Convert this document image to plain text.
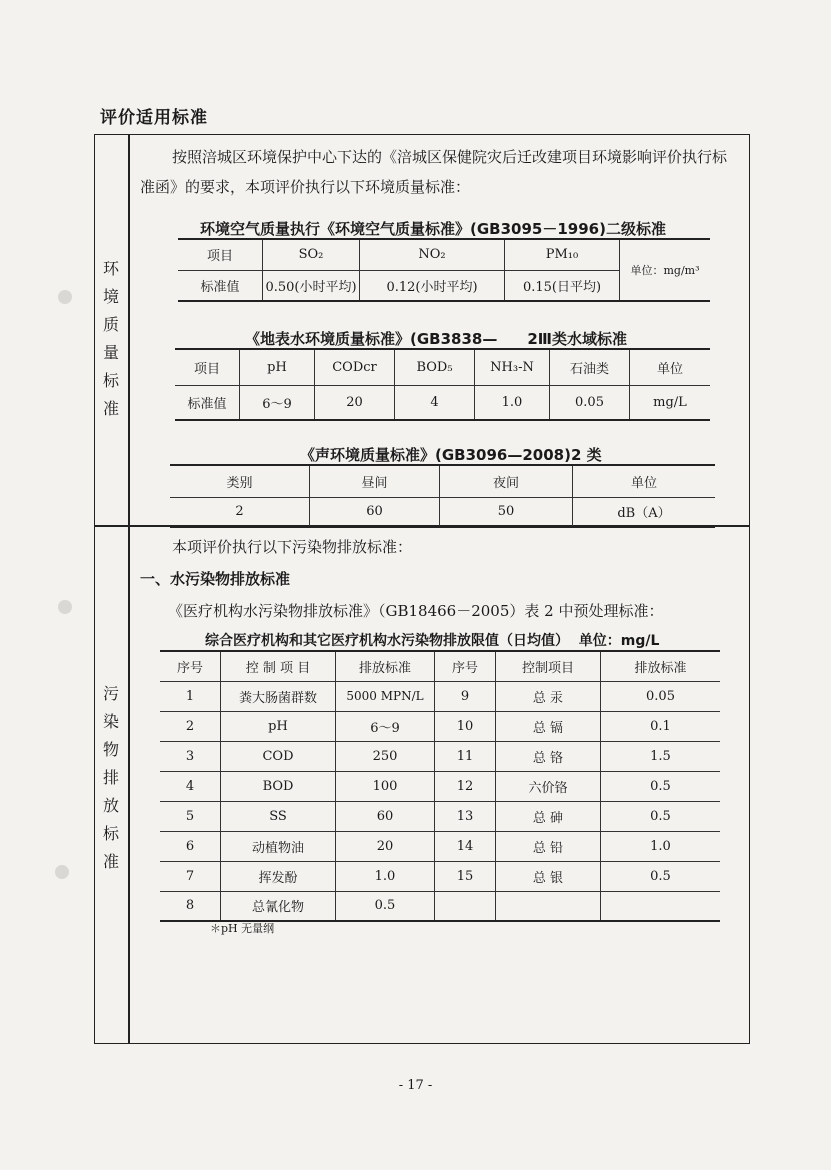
评价适用标准
环
境
质
量
标
准
污
染
物
排
放
标
准
按照涪城区环境保护中心下达的《涪城区保健院灾后迁改建项目环境影响评价执行标准函》的要求，本项评价执行以下环境质量标准：
环境空气质量执行《环境空气质量标准》(GB3095－1996)二级标准
项目	SO₂	NO₂	PM₁₀	单位：mg/m³
标准值	0.50(小时平均)	0.12(小时平均)	0.15(日平均)	
《地表水环境质量标准》(GB3838—　　2Ⅲ类水域标准
项目	pH	CODcr	BOD₅	NH₃-N	石油类	单位
标准值	6～9	20	4	1.0	0.05	mg/L
《声环境质量标准》(GB3096—2008)2 类
类别	昼间	夜间	单位
2	60	50	dB（A）
本项评价执行以下污染物排放标准：
一、水污染物排放标准
《医疗机构水污染物排放标准》（GB18466－2005）表 2 中预处理标准：
综合医疗机构和其它医疗机构水污染物排放限值（日均值） 单位：mg/L
序号	控 制 项 目	排放标准	序号	控制项目	排放标准
1	粪大肠菌群数	5000 MPN/L	9	总 汞	0.05
2	pH	6～9	10	总 镉	0.1
3	COD	250	11	总 铬	1.5
4	BOD	100	12	六价铬	0.5
5	SS	60	13	总 砷	0.5
6	动植物油	20	14	总 铅	1.0
7	挥发酚	1.0	15	总 银	0.5
8	总氰化物	0.5			
＊pH 无量纲
- 17 -
